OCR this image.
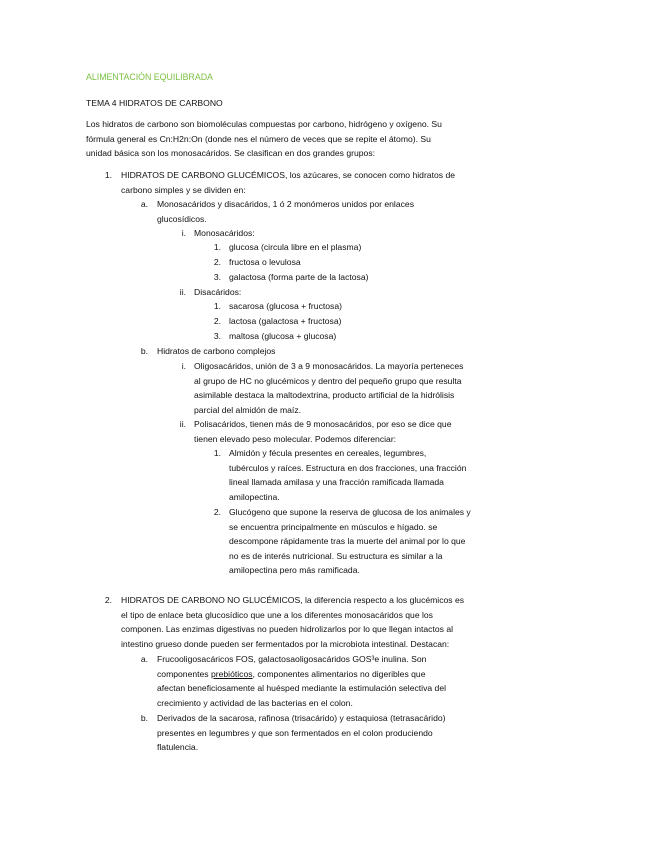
ALIMENTACIÓN EQUILIBRADA
TEMA 4 HIDRATOS DE CARBONO
Los hidratos de carbono son biomoléculas compuestas por carbono, hidrógeno y oxígeno. Su
fórmula general es Cn:H2n:On (donde nes el número de veces que se repite el átomo). Su
unidad básica son los monosacáridos. Se clasifican en dos grandes grupos:
1. HIDRATOS DE CARBONO GLUCÉMICOS, los azúcares, se conocen como hidratos de
carbono simples y se dividen en:
a. Monosacáridos y disacáridos, 1 ó 2 monómeros unidos por enlaces
glucosídicos.
i. Monosacáridos:
1. glucosa (circula libre en el plasma)
2. fructosa o levulosa
3. galactosa (forma parte de la lactosa)
ii. Disacáridos:
1. sacarosa (glucosa + fructosa)
2. lactosa (galactosa + fructosa)
3. maltosa (glucosa + glucosa)
b. Hidratos de carbono complejos
i. Oligosacáridos, unión de 3 a 9 monosacáridos. La mayoría perteneces
al grupo de HC no glucémicos y dentro del pequeño grupo que resulta
asimilable destaca la maltodextrina, producto artificial de la hidrólisis
parcial del almidón de maíz.
ii. Polisacáridos, tienen más de 9 monosacáridos, por eso se dice que
tienen elevado peso molecular. Podemos diferenciar:
1. Almidón y fécula presentes en cereales, legumbres,
tubérculos y raíces. Estructura en dos fracciones, una fracción
lineal llamada amilasa y una fracción ramificada llamada
amilopectina.
2. Glucógeno que supone la reserva de glucosa de los animales y
se encuentra principalmente en músculos e hígado. se
descompone rápidamente tras la muerte del animal por lo que
no es de interés nutricional. Su estructura es similar a la
amilopectina pero más ramificada.
2. HIDRATOS DE CARBONO NO GLUCÉMICOS, la diferencia respecto a los glucémicos es
el tipo de enlace beta glucosídico que une a los diferentes monosacáridos que los
componen. Las enzimas digestivas no pueden hidrolizarlos por lo que llegan intactos al
intestino grueso donde pueden ser fermentados por la microbiota intestinal. Destacan:
a. Frucooligosacáricos FOS, galactosaoligosacáridos GOS³e inulina. Son
componentes prebióticos, componentes alimentarios no digeribles que
afectan beneficiosamente al huésped mediante la estimulación selectiva del
crecimiento y actividad de las bacterias en el colon.
b. Derivados de la sacarosa, rafinosa (trisacárido) y estaquiosa (tetrasacárido)
presentes en legumbres y que son fermentados en el colon produciendo
flatulencia.
